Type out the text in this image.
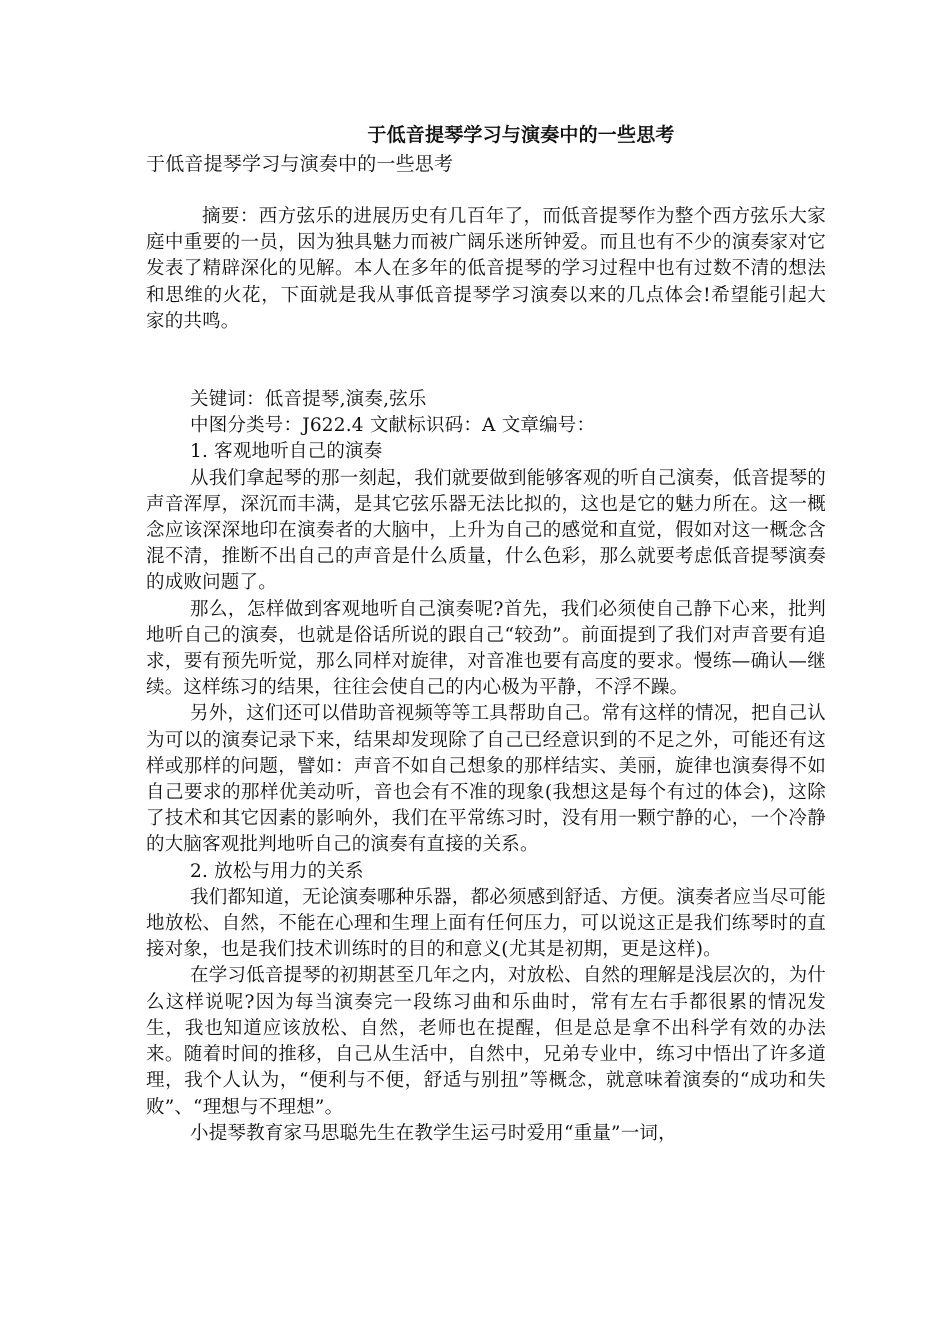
于低音提琴学习与演奏中的一些思考

于低音提琴学习与演奏中的一些思考

摘要：西方弦乐的进展历史有几百年了，而低音提琴作为整个西方弦乐大家庭中重要的一员，因为独具魅力而被广阔乐迷所钟爱。而且也有不少的演奏家对它发表了精辟深化的见解。本人在多年的低音提琴的学习过程中也有过数不清的想法和思维的火花，下面就是我从事低音提琴学习演奏以来的几点体会!希望能引起大家的共鸣。

关键词：低音提琴,演奏,弦乐

中图分类号：J622.4 文献标识码：A 文章编号：

1. 客观地听自己的演奏

从我们拿起琴的那一刻起，我们就要做到能够客观的听自己演奏，低音提琴的声音浑厚，深沉而丰满，是其它弦乐器无法比拟的，这也是它的魅力所在。这一概念应该深深地印在演奏者的大脑中，上升为自己的感觉和直觉，假如对这一概念含混不清，推断不出自己的声音是什么质量，什么色彩，那么就要考虑低音提琴演奏的成败问题了。

那么，怎样做到客观地听自己演奏呢?首先，我们必须使自己静下心来，批判地听自己的演奏，也就是俗话所说的跟自己“较劲”。前面提到了我们对声音要有追求，要有预先听觉，那么同样对旋律，对音准也要有高度的要求。慢练—确认—继续。这样练习的结果，往往会使自己的内心极为平静，不浮不躁。

另外，这们还可以借助音视频等等工具帮助自己。常有这样的情况，把自己认为可以的演奏记录下来，结果却发现除了自己已经意识到的不足之外，可能还有这样或那样的问题，譬如：声音不如自己想象的那样结实、美丽，旋律也演奏得不如自己要求的那样优美动听，音也会有不准的现象(我想这是每个有过的体会)，这除了技术和其它因素的影响外，我们在平常练习时，没有用一颗宁静的心，一个冷静的大脑客观批判地听自己的演奏有直接的关系。

2. 放松与用力的关系

我们都知道，无论演奏哪种乐器，都必须感到舒适、方便。演奏者应当尽可能地放松、自然，不能在心理和生理上面有任何压力，可以说这正是我们练琴时的直接对象，也是我们技术训练时的目的和意义(尤其是初期，更是这样)。

在学习低音提琴的初期甚至几年之内，对放松、自然的理解是浅层次的，为什么这样说呢?因为每当演奏完一段练习曲和乐曲时，常有左右手都很累的情况发生，我也知道应该放松、自然，老师也在提醒，但是总是拿不出科学有效的办法来。随着时间的推移，自己从生活中，自然中，兄弟专业中，练习中悟出了许多道理，我个人认为，“便利与不便，舒适与别扭”等概念，就意味着演奏的“成功和失败”、“理想与不理想”。

小提琴教育家马思聪先生在教学生运弓时爱用“重量”一词，
